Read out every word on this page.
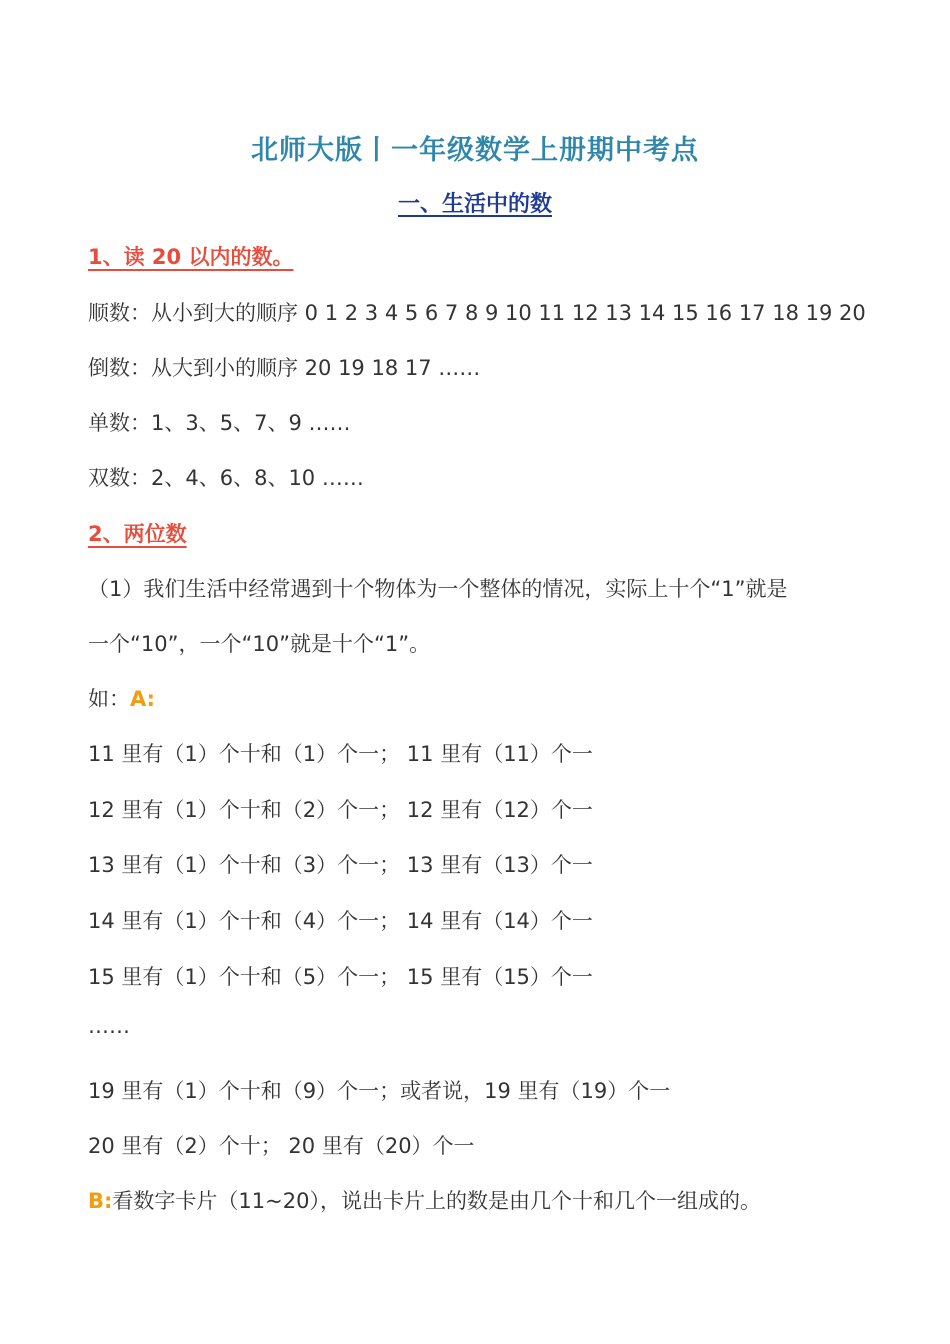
北师大版丨一年级数学上册期中考点
一、生活中的数
1、读 20 以内的数。
顺数：从小到大的顺序 0 1 2 3 4 5 6 7 8 9 10 11 12 13 14 15 16 17 18 19 20
倒数：从大到小的顺序 20 19 18 17 ……
单数：1、3、5、7、9 ……
双数：2、4、6、8、10 ……
2、两位数
（1）我们生活中经常遇到十个物体为一个整体的情况，实际上十个“1”就是
一个“10”，一个“10”就是十个“1”。
如：A:
11 里有（1）个十和（1）个一； 11 里有（11）个一
12 里有（1）个十和（2）个一； 12 里有（12）个一
13 里有（1）个十和（3）个一； 13 里有（13）个一
14 里有（1）个十和（4）个一； 14 里有（14）个一
15 里有（1）个十和（5）个一； 15 里有（15）个一
……
19 里有（1）个十和（9）个一；或者说，19 里有（19）个一
20 里有（2）个十； 20 里有（20）个一
B:看数字卡片（11~20），说出卡片上的数是由几个十和几个一组成的。
